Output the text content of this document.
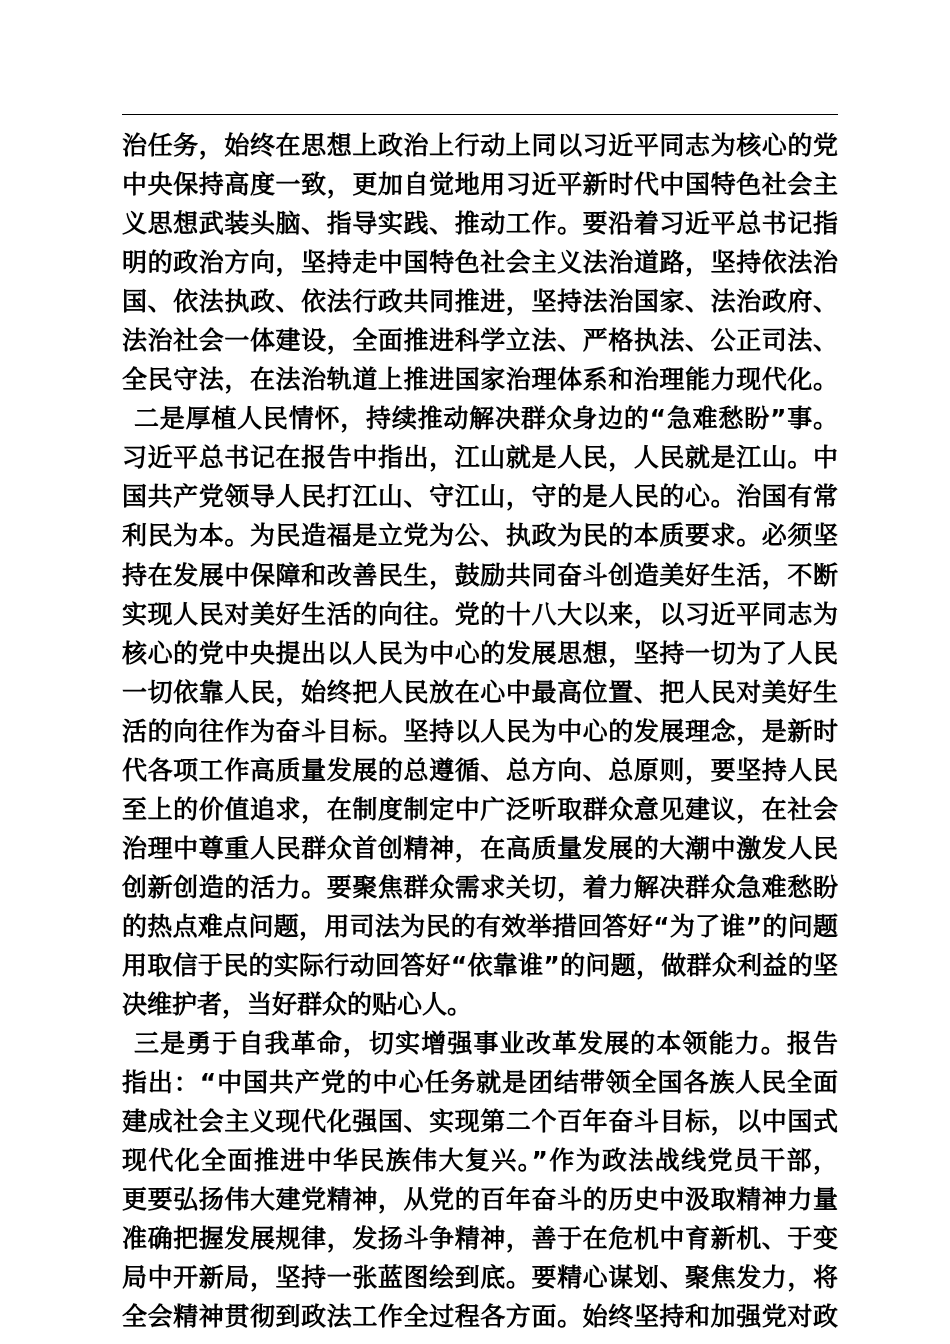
治任务，始终在思想上政治上行动上同以习近平同志为核心的党
中央保持高度一致，更加自觉地用习近平新时代中国特色社会主
义思想武装头脑、指导实践、推动工作。要沿着习近平总书记指
明的政治方向，坚持走中国特色社会主义法治道路，坚持依法治
国、依法执政、依法行政共同推进，坚持法治国家、法治政府、
法治社会一体建设，全面推进科学立法、严格执法、公正司法、
全民守法，在法治轨道上推进国家治理体系和治理能力现代化。
二是厚植人民情怀，持续推动解决群众身边的“急难愁盼”事。
习近平总书记在报告中指出，江山就是人民，人民就是江山。中
国共产党领导人民打江山、守江山，守的是人民的心。治国有常
利民为本。为民造福是立党为公、执政为民的本质要求。必须坚
持在发展中保障和改善民生，鼓励共同奋斗创造美好生活，不断
实现人民对美好生活的向往。党的十八大以来，以习近平同志为
核心的党中央提出以人民为中心的发展思想，坚持一切为了人民
一切依靠人民，始终把人民放在心中最高位置、把人民对美好生
活的向往作为奋斗目标。坚持以人民为中心的发展理念，是新时
代各项工作高质量发展的总遵循、总方向、总原则，要坚持人民
至上的价值追求，在制度制定中广泛听取群众意见建议，在社会
治理中尊重人民群众首创精神，在高质量发展的大潮中激发人民
创新创造的活力。要聚焦群众需求关切，着力解决群众急难愁盼
的热点难点问题，用司法为民的有效举措回答好“为了谁”的问题
用取信于民的实际行动回答好“依靠谁”的问题，做群众利益的坚
决维护者，当好群众的贴心人。
三是勇于自我革命，切实增强事业改革发展的本领能力。报告
指出：“中国共产党的中心任务就是团结带领全国各族人民全面
建成社会主义现代化强国、实现第二个百年奋斗目标，以中国式
现代化全面推进中华民族伟大复兴。”作为政法战线党员干部，
更要弘扬伟大建党精神，从党的百年奋斗的历史中汲取精神力量
准确把握发展规律，发扬斗争精神，善于在危机中育新机、于变
局中开新局，坚持一张蓝图绘到底。要精心谋划、聚焦发力，将
全会精神贯彻到政法工作全过程各方面。始终坚持和加强党对政
